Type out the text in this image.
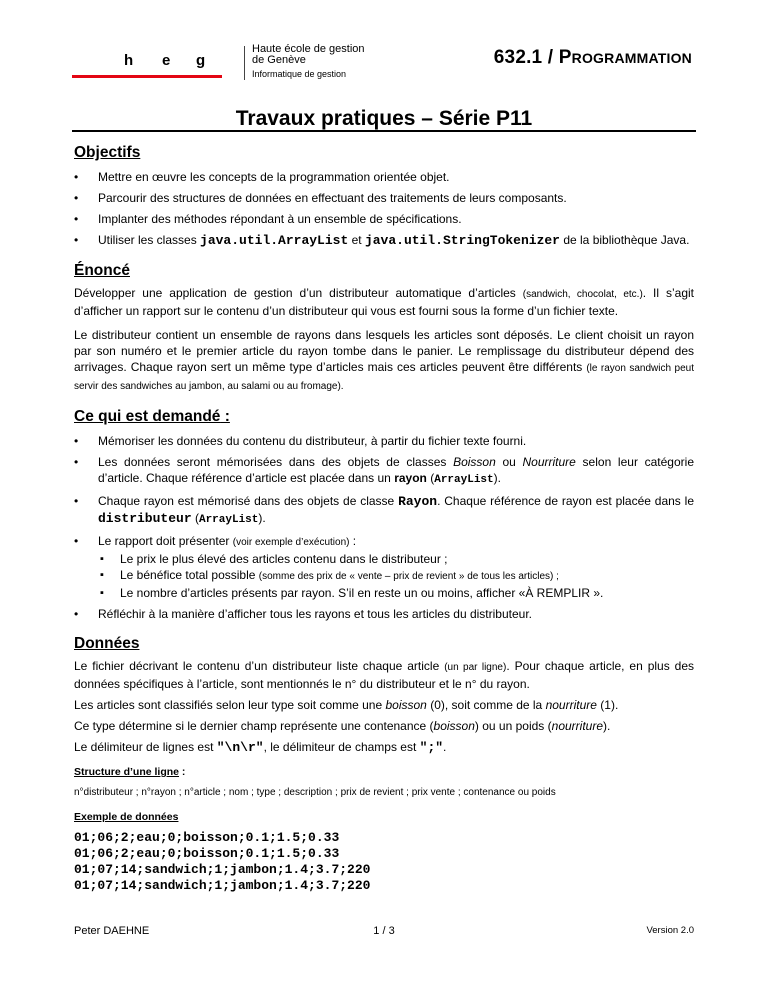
h e g
Haute école de gestion
de Genève
Informatique de gestion
632.1 / PROGRAMMATION
Travaux pratiques – Série P11
Objectifs
• Mettre en œuvre les concepts de la programmation orientée objet.
• Parcourir des structures de données en effectuant des traitements de leurs composants.
• Implanter des méthodes répondant à un ensemble de spécifications.
• Utiliser les classes java.util.ArrayList et java.util.StringTokenizer de la bibliothèque Java.
Énoncé

Développer une application de gestion d’un distributeur automatique d’articles (sandwich, chocolat, etc.). Il s’agit d’afficher un rapport sur le contenu d’un distributeur qui vous est fourni sous la forme d’un fichier texte.

Le distributeur contient un ensemble de rayons dans lesquels les articles sont déposés. Le client choisit un rayon par son numéro et le premier article du rayon tombe dans le panier. Le remplissage du distributeur dépend des arrivages. Chaque rayon sert un même type d’articles mais ces articles peuvent être différents (le rayon sandwich peut servir des sandwiches au jambon, au salami ou au fromage).

Ce qui est demandé :
• Mémoriser les données du contenu du distributeur, à partir du fichier texte fourni.
• Les données seront mémorisées dans des objets de classes Boisson ou Nourriture selon leur catégorie d’article. Chaque référence d’article est placée dans un rayon (ArrayList).
• Chaque rayon est mémorisé dans des objets de classe Rayon. Chaque référence de rayon est placée dans le distributeur (ArrayList).
• Le rapport doit présenter (voir exemple d’exécution) :
▪ Le prix le plus élevé des articles contenu dans le distributeur ;
▪ Le bénéfice total possible (somme des prix de « vente – prix de revient » de tous les articles) ;
▪ Le nombre d’articles présents par rayon. S’il en reste un ou moins, afficher «À REMPLIR ».
• Réfléchir à la manière d’afficher tous les rayons et tous les articles du distributeur.
Données

Le fichier décrivant le contenu d’un distributeur liste chaque article (un par ligne). Pour chaque article, en plus des données spécifiques à l’article, sont mentionnés le n° du distributeur et le n° du rayon.

Les articles sont classifiés selon leur type soit comme une boisson (0), soit comme de la nourriture (1).

Ce type détermine si le dernier champ représente une contenance (boisson) ou un poids (nourriture).

Le délimiteur de lignes est "\n\r", le délimiteur de champs est ";".

Structure d’une ligne :
n°distributeur ; n°rayon ; n°article ; nom ; type ; description ; prix de revient ; prix vente ; contenance ou poids
Exemple de données
01;06;2;eau;0;boisson;0.1;1.5;0.33
01;06;2;eau;0;boisson;0.1;1.5;0.33
01;07;14;sandwich;1;jambon;1.4;3.7;220
01;07;14;sandwich;1;jambon;1.4;3.7;220
Peter DAEHNE	1 / 3	Version 2.0
